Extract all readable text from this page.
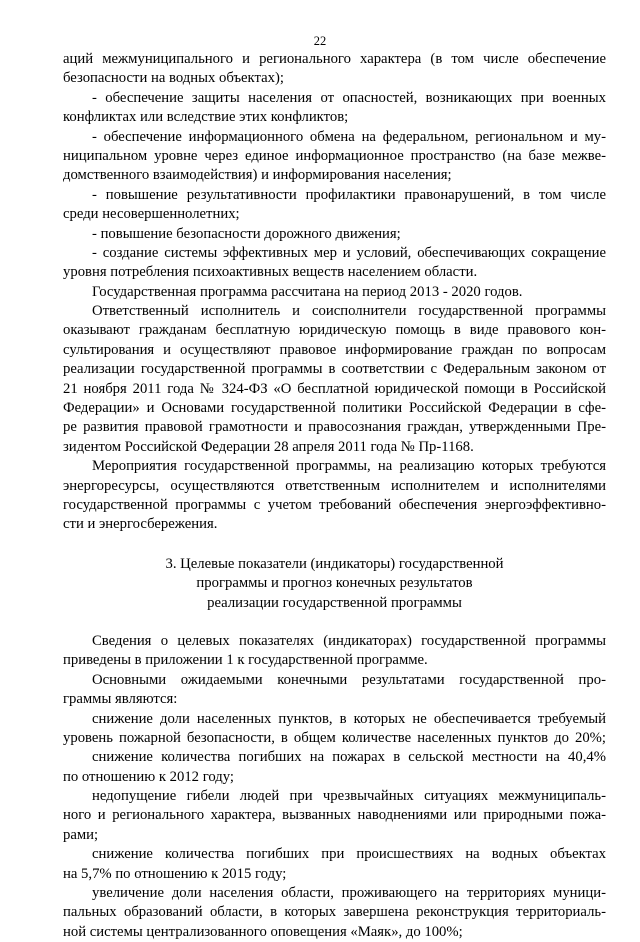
22
аций межмуниципального и регионального характера (в том числе обеспечение
безопасности на водных объектах);
- обеспечение защиты населения от опасностей, возникающих при военных
конфликтах или вследствие этих конфликтов;
- обеспечение информационного обмена на федеральном, региональном и му-
ниципальном уровне через единое информационное пространство (на базе межве-
домственного взаимодействия) и информирования населения;
- повышение результативности профилактики правонарушений, в том числе
среди несовершеннолетних;
- повышение безопасности дорожного движения;
- создание системы эффективных мер и условий, обеспечивающих сокращение
уровня потребления психоактивных веществ населением области.
Государственная программа рассчитана на период 2013 - 2020 годов.
Ответственный исполнитель и соисполнители государственной программы
оказывают гражданам бесплатную юридическую помощь в виде правового кон-
сультирования и осуществляют правовое информирование граждан по вопросам
реализации государственной программы в соответствии с Федеральным законом от
21 ноября 2011 года № 324-ФЗ «О бесплатной юридической помощи в Российской
Федерации» и Основами государственной политики Российской Федерации в сфе-
ре развития правовой грамотности и правосознания граждан, утвержденными Пре-
зидентом Российской Федерации 28 апреля 2011 года № Пр-1168.
Мероприятия государственной программы, на реализацию которых требуются
энергоресурсы, осуществляются ответственным исполнителем и исполнителями
государственной программы с учетом требований обеспечения энергоэффективно-
сти и энергосбережения.
3. Целевые показатели (индикаторы) государственной
программы и прогноз конечных результатов
реализации государственной программы
Сведения о целевых показателях (индикаторах) государственной программы
приведены в приложении 1 к государственной программе.
Основными ожидаемыми конечными результатами государственной про-
граммы являются:
снижение доли населенных пунктов, в которых не обеспечивается требуемый
уровень пожарной безопасности, в общем количестве населенных пунктов до 20%;
снижение количества погибших на пожарах в сельской местности на 40,4%
по отношению к 2012 году;
недопущение гибели людей при чрезвычайных ситуациях межмуниципаль-
ного и регионального характера, вызванных наводнениями или природными пожа-
рами;
снижение количества погибших при происшествиях на водных объектах
на 5,7% по отношению к 2015 году;
увеличение доли населения области, проживающего на территориях муници-
пальных образований области, в которых завершена реконструкция территориаль-
ной системы централизованного оповещения «Маяк», до 100%;
